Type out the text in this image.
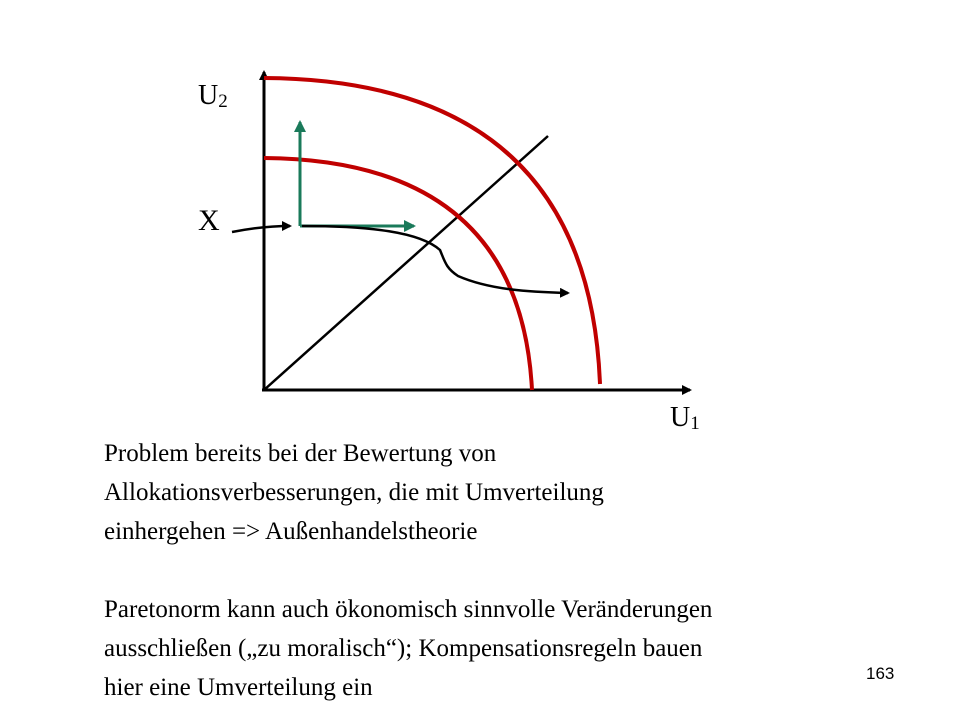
$U_2$
$U_1$
X
Problem bereits bei der Bewertung von
Allokationsverbesserungen, die mit Umverteilung
einhergehen => Außenhandelstheorie
Paretonorm kann auch ökonomisch sinnvolle Veränderungen
ausschließen („zu moralisch“); Kompensationsregeln bauen
hier eine Umverteilung ein
163
